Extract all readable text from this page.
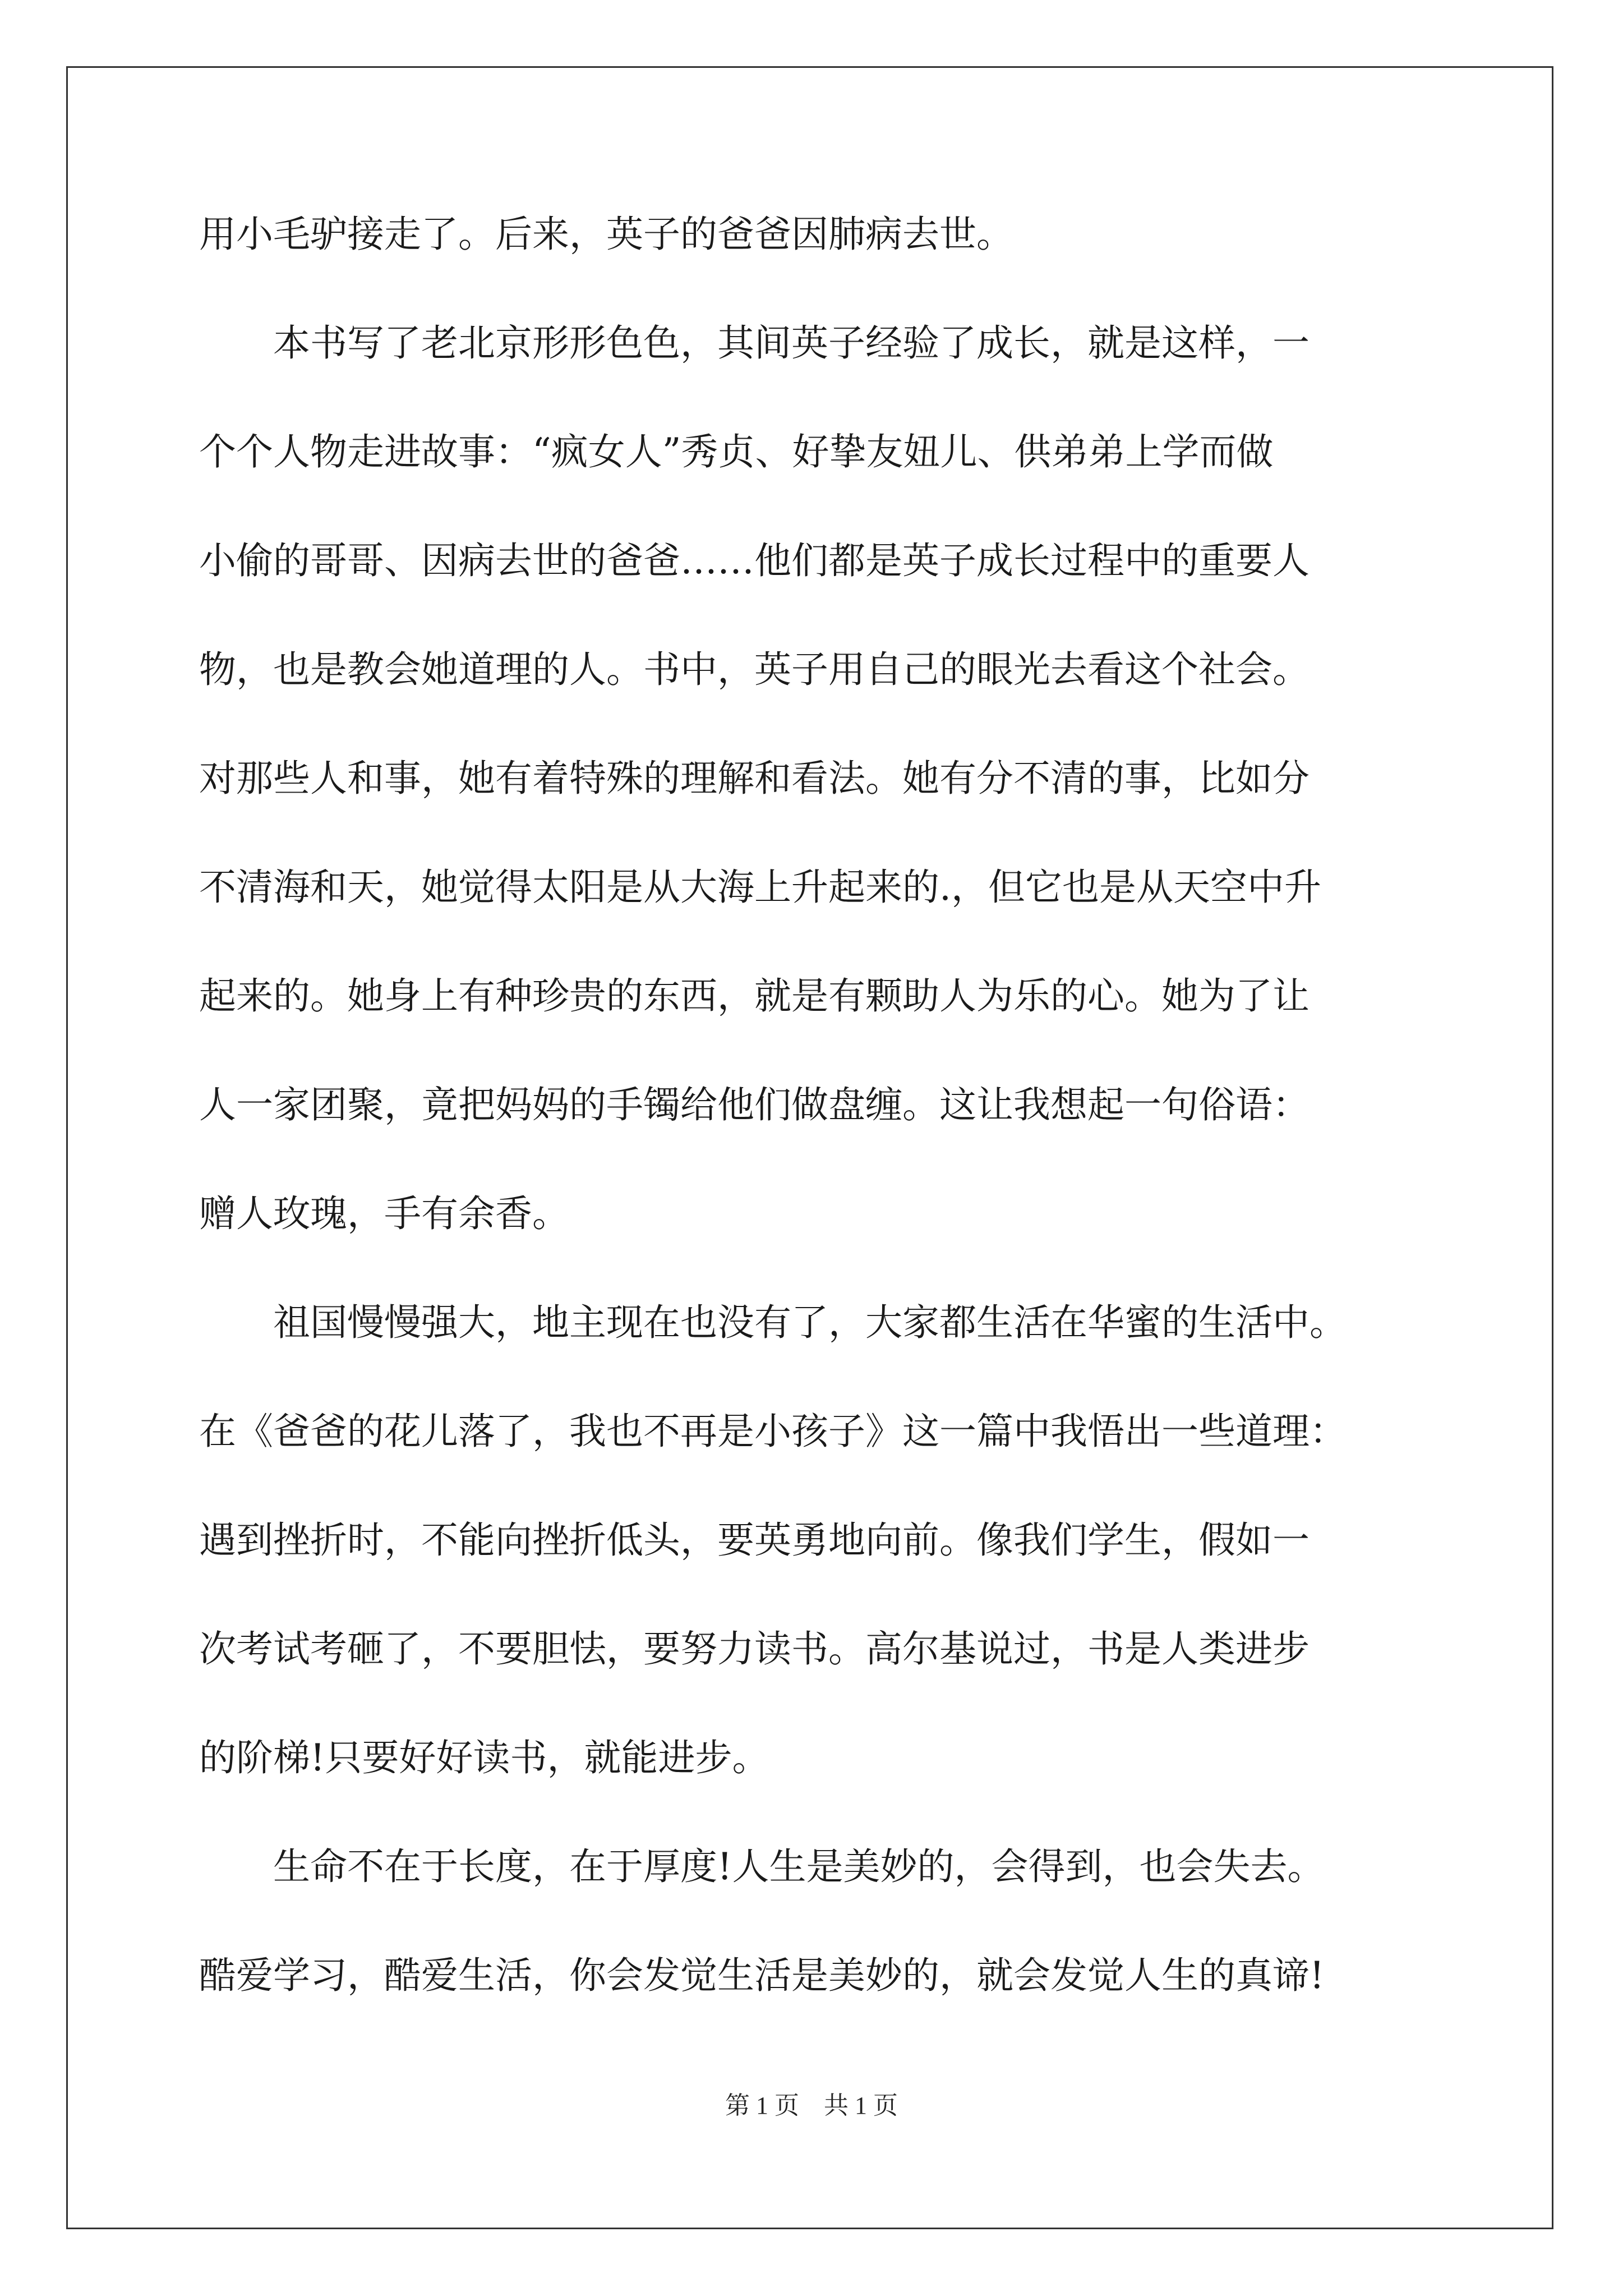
用小毛驴接走了。后来，英子的爸爸因肺病去世。
　　本书写了老北京形形色色，其间英子经验了成长，就是这样，一
个个人物走进故事：“疯女人”秀贞、好挚友妞儿、供弟弟上学而做
小偷的哥哥、因病去世的爸爸……他们都是英子成长过程中的重要人
物，也是教会她道理的人。书中，英子用自己的眼光去看这个社会。
对那些人和事，她有着特殊的理解和看法。她有分不清的事，比如分
不清海和天，她觉得太阳是从大海上升起来的.，但它也是从天空中升
起来的。她身上有种珍贵的东西，就是有颗助人为乐的心。她为了让
人一家团聚，竟把妈妈的手镯给他们做盘缠。这让我想起一句俗语：
赠人玫瑰，手有余香。
　　祖国慢慢强大，地主现在也没有了，大家都生活在华蜜的生活中。
在《爸爸的花儿落了，我也不再是小孩子》这一篇中我悟出一些道理：
遇到挫折时，不能向挫折低头，要英勇地向前。像我们学生，假如一
次考试考砸了，不要胆怯，要努力读书。高尔基说过，书是人类进步
的阶梯!只要好好读书，就能进步。
　　生命不在于长度，在于厚度!人生是美妙的，会得到，也会失去。
酷爱学习，酷爱生活，你会发觉生活是美妙的，就会发觉人生的真谛!
第 1 页　共 1 页
